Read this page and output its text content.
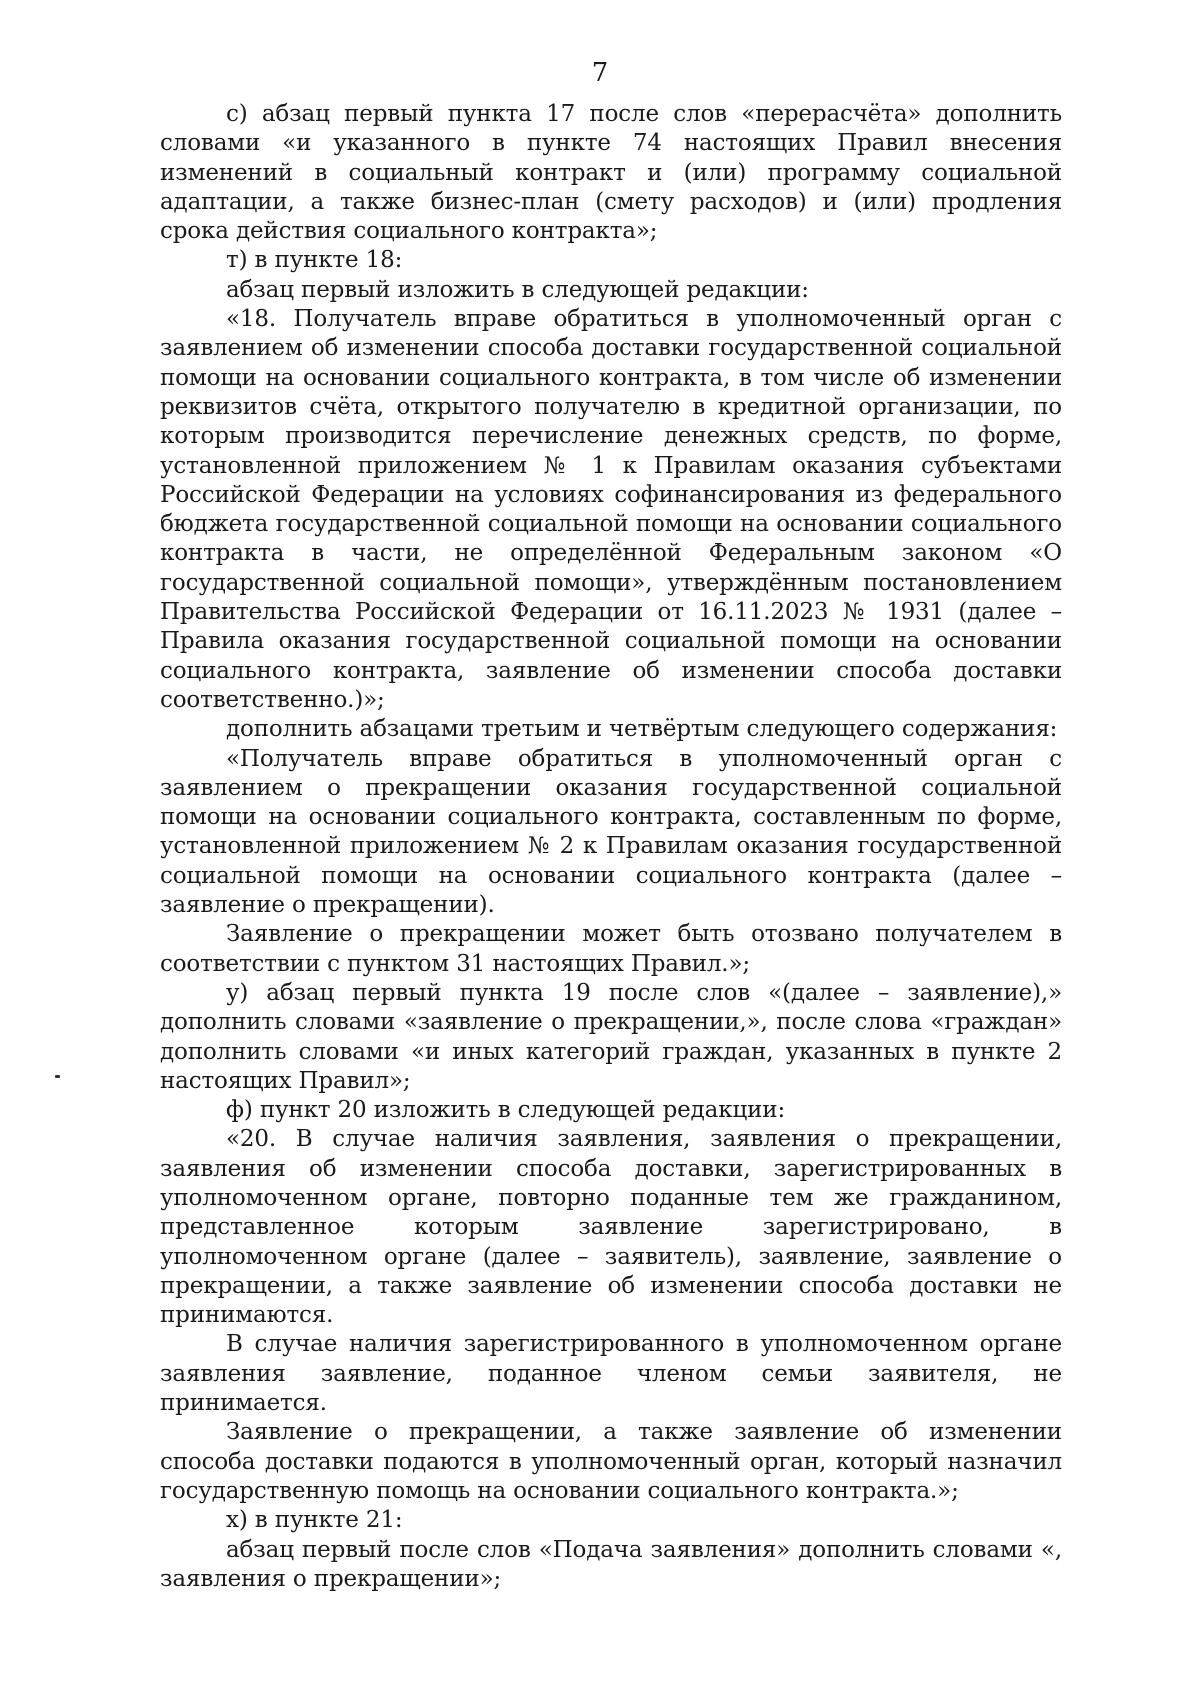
7

с) абзац первый пункта 17 после слов «перерасчёта» дополнить словами «и указанного в пункте 74 настоящих Правил внесения изменений в социальный контракт и (или) программу социальной адаптации, а также бизнес-план (смету расходов) и (или) продления срока действия социального контракта»;

т) в пункте 18:

абзац первый изложить в следующей редакции:

«18. Получатель вправе обратиться в уполномоченный орган с заявлением об изменении способа доставки государственной социальной помощи на основании социального контракта, в том числе об изменении реквизитов счёта, открытого получателю в кредитной организации, по которым производится перечисление денежных средств, по форме, установленной приложением № 1 к Правилам оказания субъектами Российской Федерации на условиях софинансирования из федерального бюджета государственной социальной помощи на основании социального контракта в части, не определённой Федеральным законом «О государственной социальной помощи», утверждённым постановлением Правительства Российской Федерации от 16.11.2023 № 1931 (далее – Правила оказания государственной социальной помощи на основании социального контракта, заявление об изменении способа доставки соответственно.)»;

дополнить абзацами третьим и четвёртым следующего содержания:

«Получатель вправе обратиться в уполномоченный орган с заявлением о прекращении оказания государственной социальной помощи на основании социального контракта, составленным по форме, установленной приложением № 2 к Правилам оказания государственной социальной помощи на основании социального контракта (далее – заявление о прекращении).

Заявление о прекращении может быть отозвано получателем в соответствии с пунктом 31 настоящих Правил.»;

у) абзац первый пункта 19 после слов «(далее – заявление),» дополнить словами «заявление о прекращении,», после слова «граждан» дополнить словами «и иных категорий граждан, указанных в пункте 2 настоящих Правил»;

ф) пункт 20 изложить в следующей редакции:

«20. В случае наличия заявления, заявления о прекращении, заявления об изменении способа доставки, зарегистрированных в уполномоченном органе, повторно поданные тем же гражданином, представленное которым заявление зарегистрировано, в уполномоченном органе (далее – заявитель), заявление, заявление о прекращении, а также заявление об изменении способа доставки не принимаются.

В случае наличия зарегистрированного в уполномоченном органе заявления заявление, поданное членом семьи заявителя, не принимается.

Заявление о прекращении, а также заявление об изменении способа доставки подаются в уполномоченный орган, который назначил государственную помощь на основании социального контракта.»;

х) в пункте 21:

абзац первый после слов «Подача заявления» дополнить словами «, заявления о прекращении»;
